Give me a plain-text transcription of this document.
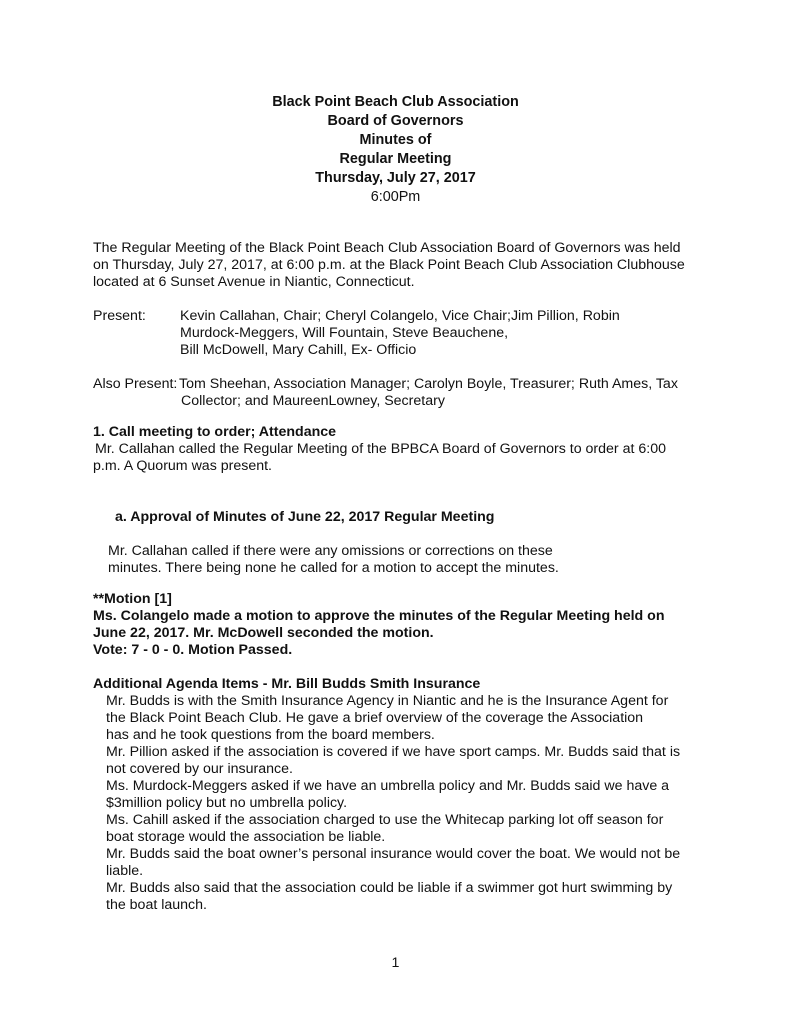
Black Point Beach Club Association
Board of Governors
Minutes of
Regular Meeting
Thursday, July 27, 2017
6:00Pm
The Regular Meeting of the Black Point Beach Club Association Board of Governors was held
on Thursday, July 27, 2017, at 6:00 p.m. at the Black Point Beach Club Association Clubhouse
located at 6 Sunset Avenue in Niantic, Connecticut.
Present: Kevin Callahan, Chair; Cheryl Colangelo, Vice Chair;Jim Pillion, Robin
Murdock-Meggers, Will Fountain, Steve Beauchene,
Bill McDowell, Mary Cahill, Ex- Officio
Also Present: Tom Sheehan, Association Manager; Carolyn Boyle, Treasurer; Ruth Ames, Tax
Collector; and MaureenLowney, Secretary
1. Call meeting to order; Attendance
Mr. Callahan called the Regular Meeting of the BPBCA Board of Governors to order at 6:00
p.m. A Quorum was present.
a. Approval of Minutes of June 22, 2017 Regular Meeting
Mr. Callahan called if there were any omissions or corrections on these
minutes. There being none he called for a motion to accept the minutes.
**Motion [1]
Ms. Colangelo made a motion to approve the minutes of the Regular Meeting held on
June 22, 2017. Mr. McDowell seconded the motion.
Vote: 7 - 0 - 0. Motion Passed.
Additional Agenda Items - Mr. Bill Budds Smith Insurance
Mr. Budds is with the Smith Insurance Agency in Niantic and he is the Insurance Agent for
the Black Point Beach Club. He gave a brief overview of the coverage the Association
has and he took questions from the board members.
Mr. Pillion asked if the association is covered if we have sport camps. Mr. Budds said that is
not covered by our insurance.
Ms. Murdock-Meggers asked if we have an umbrella policy and Mr. Budds said we have a
$3million policy but no umbrella policy.
Ms. Cahill asked if the association charged to use the Whitecap parking lot off season for
boat storage would the association be liable.
Mr. Budds said the boat owner’s personal insurance would cover the boat. We would not be
liable.
Mr. Budds also said that the association could be liable if a swimmer got hurt swimming by
the boat launch.
1
